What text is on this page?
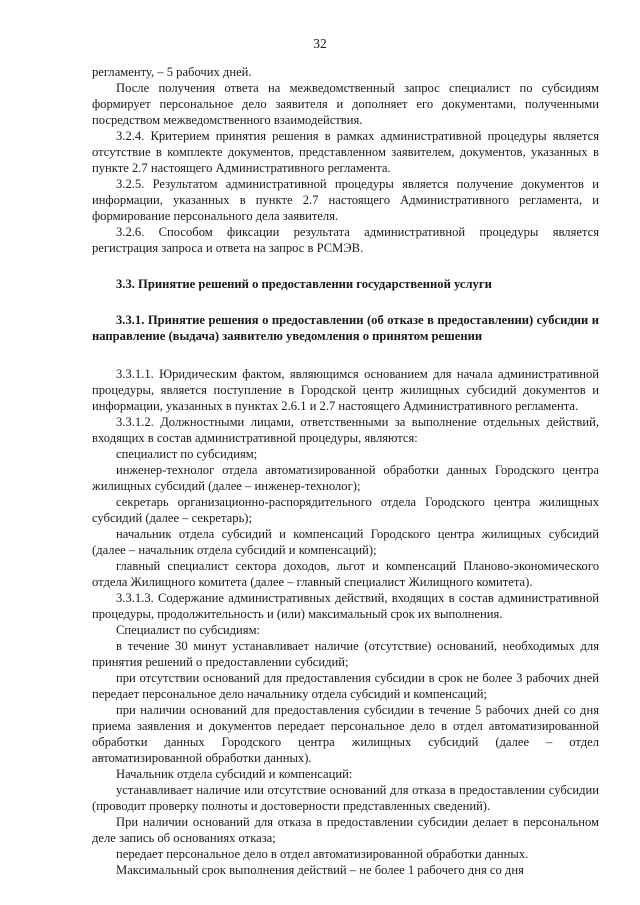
32

регламенту, – 5 рабочих дней.

После получения ответа на межведомственный запрос специалист по субсидиям формирует персональное дело заявителя и дополняет его документами, полученными посредством межведомственного взаимодействия.

3.2.4. Критерием принятия решения в рамках административной процедуры является отсутствие в комплекте документов, представленном заявителем, документов, указанных в пункте 2.7 настоящего Административного регламента.

3.2.5. Результатом административной процедуры является получение документов и информации, указанных в пункте 2.7 настоящего Административного регламента, и формирование персонального дела заявителя.

3.2.6. Способом фиксации результата административной процедуры является регистрация запроса и ответа на запрос в РСМЭВ.

3.3. Принятие решений о предоставлении государственной услуги

3.3.1. Принятие решения о предоставлении (об отказе в предоставлении) субсидии и направление (выдача) заявителю уведомления о принятом решении

3.3.1.1. Юридическим фактом, являющимся основанием для начала административной процедуры, является поступление в Городской центр жилищных субсидий документов и информации, указанных в пунктах 2.6.1 и 2.7 настоящего Административного регламента.

3.3.1.2. Должностными лицами, ответственными за выполнение отдельных действий, входящих в состав административной процедуры, являются:

специалист по субсидиям;

инженер-технолог отдела автоматизированной обработки данных Городского центра жилищных субсидий (далее – инженер-технолог);

секретарь организационно-распорядительного отдела Городского центра жилищных субсидий (далее – секретарь);

начальник отдела субсидий и компенсаций Городского центра жилищных субсидий (далее – начальник отдела субсидий и компенсаций);

главный специалист сектора доходов, льгот и компенсаций Планово-экономического отдела Жилищного комитета (далее – главный специалист Жилищного комитета).

3.3.1.3. Содержание административных действий, входящих в состав административной процедуры, продолжительность и (или) максимальный срок их выполнения.

Специалист по субсидиям:

в течение 30 минут устанавливает наличие (отсутствие) оснований, необходимых для принятия решений о предоставлении субсидий;

при отсутствии оснований для предоставления субсидии в срок не более 3 рабочих дней передает персональное дело начальнику отдела субсидий и компенсаций;

при наличии оснований для предоставления субсидии в течение 5 рабочих дней со дня приема заявления и документов передает персональное дело в отдел автоматизированной обработки данных Городского центра жилищных субсидий (далее – отдел автоматизированной обработки данных).

Начальник отдела субсидий и компенсаций:

устанавливает наличие или отсутствие оснований для отказа в предоставлении субсидии (проводит проверку полноты и достоверности представленных сведений).

При наличии оснований для отказа в предоставлении субсидии делает в персональном деле запись об основаниях отказа;

передает персональное дело в отдел автоматизированной обработки данных.

Максимальный срок выполнения действий – не более 1 рабочего дня со дня
